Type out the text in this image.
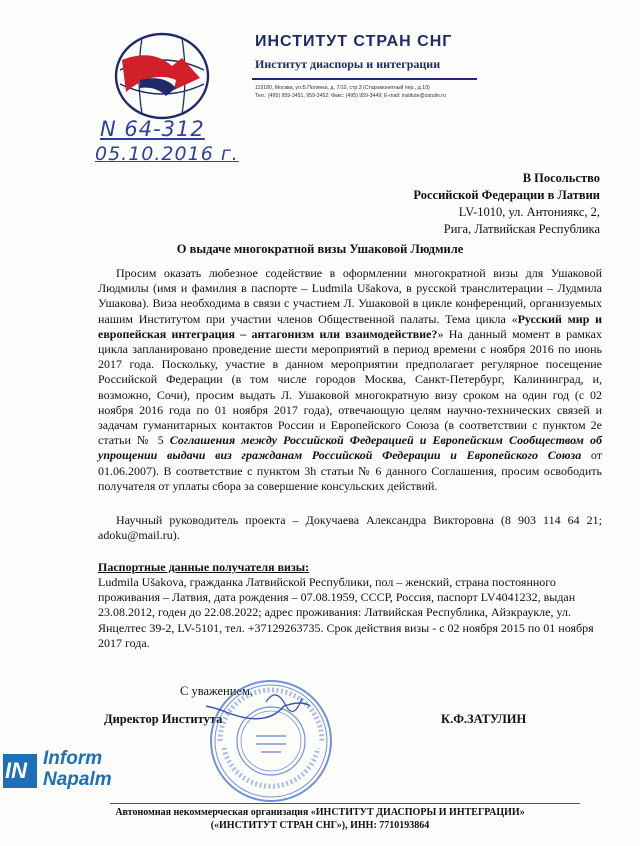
ИНСТИТУТ СТРАН СНГ
Институт диаспоры и интеграции
119180, Москва, ул.Б.Полянка, д. 7/10, стр.3 (Старомонетный пер., д.10)
Тел.: (495) 959-3451, 959-3452; Факс: (495) 959-3449; E-mail: institute@zatulin.ru
N 64-312
05.10.2016 г.
В Посольство
Российской Федерации в Латвии
LV-1010, ул. Антониякс, 2,
Рига, Латвийская Республика
О выдаче многократной визы Ушаковой Людмиле
Просим оказать любезное содействие в оформлении многократной визы для Ушаковой Людмилы (имя и фамилия в паспорте – Ludmila Ušakova, в русской транслитерации – Лудмила Ушакова). Виза необходима в связи с участием Л. Ушаковой в цикле конференций, организуемых нашим Институтом при участии членов Общественной палаты. Тема цикла «Русский мир и европейская интеграция – антагонизм или взаимодействие?» На данный момент в рамках цикла запланировано проведение шести мероприятий в период времени с ноября 2016 по июнь 2017 года. Поскольку, участие в данном мероприятии предполагает регулярное посещение Российской Федерации (в том числе городов Москва, Санкт-Петербург, Калининград, и, возможно, Сочи), просим выдать Л. Ушаковой многократную визу сроком на один год (с 02 ноября 2016 года по 01 ноября 2017 года), отвечающую целям научно-технических связей и задачам гуманитарных контактов России и Европейского Союза (в соответствии с пунктом 2е статьи № 5 Соглашения между Российской Федерацией и Европейским Сообществом об упрощении выдачи виз гражданам Российской Федерации и Европейского Союза от 01.06.2007). В соответствие с пунктом 3h статьи № 6 данного Соглашения, просим освободить получателя от уплаты сбора за совершение консульских действий.
Научный руководитель проекта – Докучаева Александра Викторовна (8 903 114 64 21; adoku@mail.ru).
Паспортные данные получателя визы:
Ludmila Ušakova, гражданка Латвийской Республики, пол – женский, страна постоянного проживания – Латвия, дата рождения – 07.08.1959, СССР, Россия, паспорт LV4041232, выдан 23.08.2012, годен до 22.08.2022; адрес проживания: Латвийская Республика, Айзкраукле, ул. Янцелтес 39-2, LV-5101, тел. +37129263735. Срок действия визы - с 02 ноября 2015 по 01 ноября 2017 года.
С уважением,
Директор Института	К.Ф.ЗАТУЛИН
IN Inform
Napalm
Автономная некоммерческая организация «ИНСТИТУТ ДИАСПОРЫ И ИНТЕГРАЦИИ»
(«ИНСТИТУТ СТРАН СНГ»), ИНН: 7710193864
